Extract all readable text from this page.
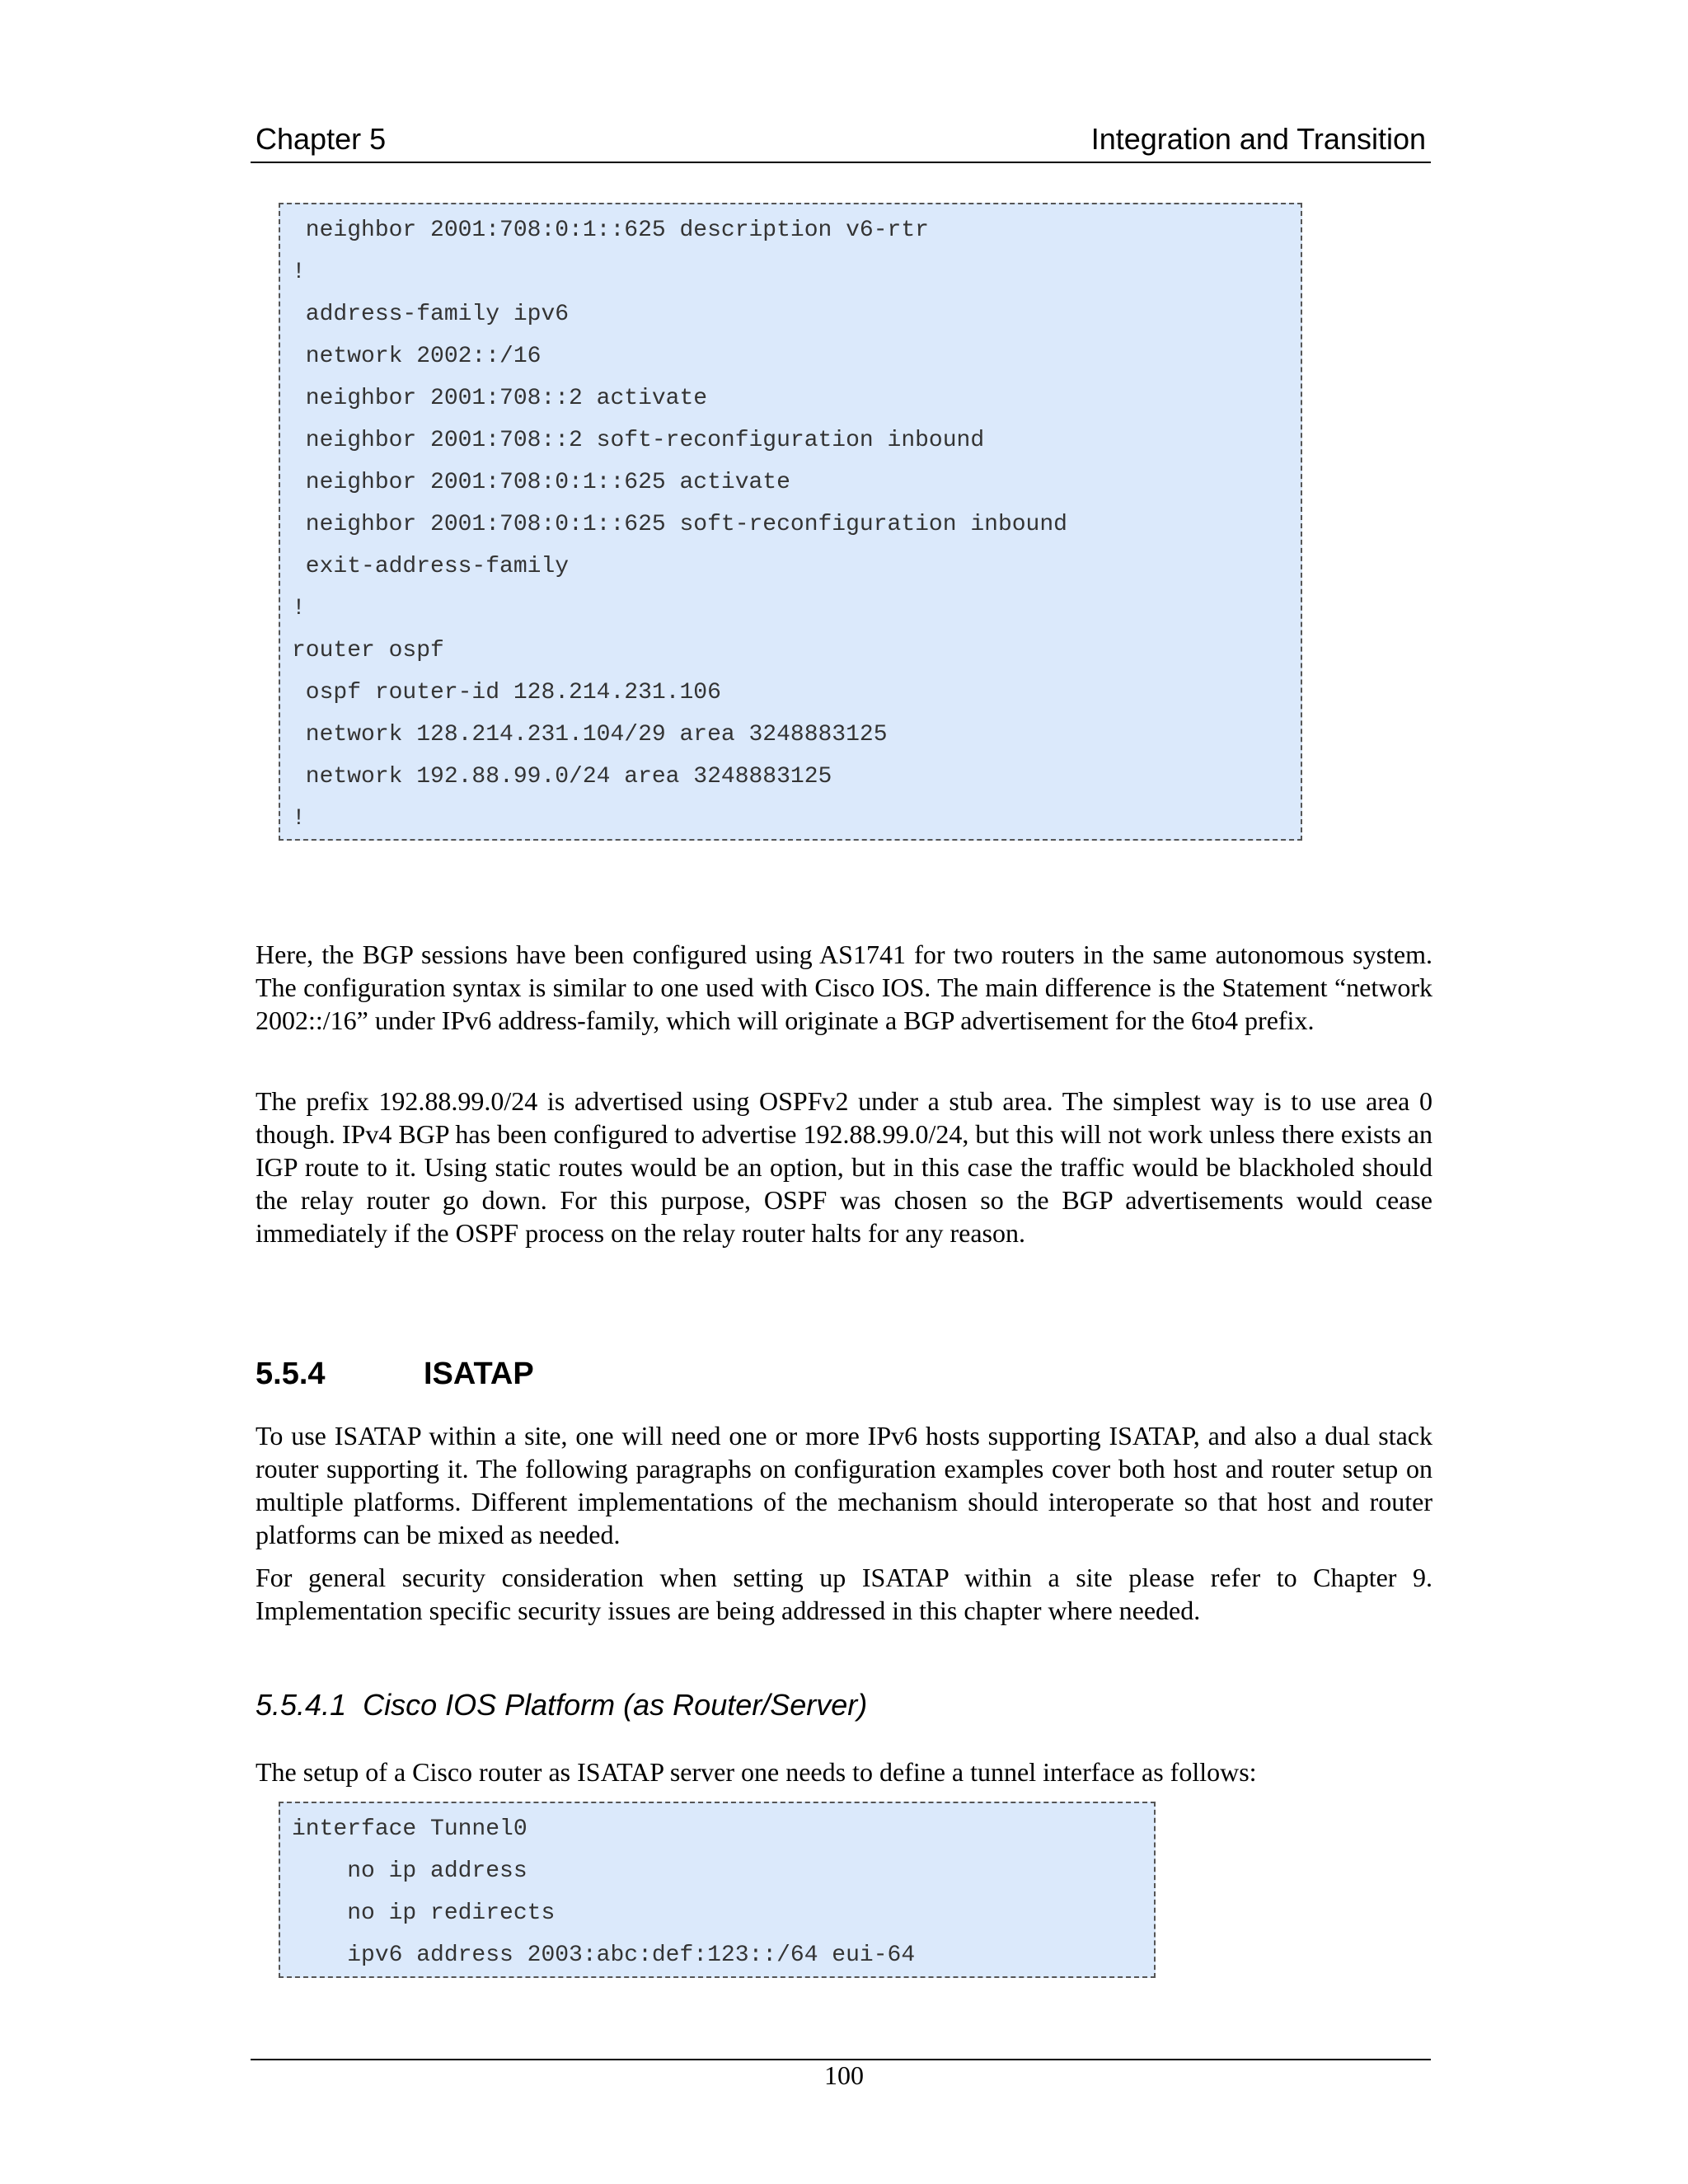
Chapter 5	Integration and Transition
neighbor 2001:708:0:1::625 description v6-rtr
!
address-family ipv6
network 2002::/16
neighbor 2001:708::2 activate
neighbor 2001:708::2 soft-reconfiguration inbound
neighbor 2001:708:0:1::625 activate
neighbor 2001:708:0:1::625 soft-reconfiguration inbound
exit-address-family
!
router ospf
ospf router-id 128.214.231.106
network 128.214.231.104/29 area 3248883125
network 192.88.99.0/24 area 3248883125
!

Here, the BGP sessions have been configured using AS1741 for two routers in the same autonomous system. The configuration syntax is similar to one used with Cisco IOS. The main difference is the Statement “network 2002::/16” under IPv6 address-family, which will originate a BGP advertisement for the 6to4 prefix.

The prefix 192.88.99.0/24 is advertised using OSPFv2 under a stub area. The simplest way is to use area 0 though. IPv4 BGP has been configured to advertise 192.88.99.0/24, but this will not work unless there exists an IGP route to it. Using static routes would be an option, but in this case the traffic would be blackholed should the relay router go down. For this purpose, OSPF was chosen so the BGP advertisements would cease immediately if the OSPF process on the relay router halts for any reason.

5.5.4	ISATAP

To use ISATAP within a site, one will need one or more IPv6 hosts supporting ISATAP, and also a dual stack router supporting it. The following paragraphs on configuration examples cover both host and router setup on multiple platforms. Different implementations of the mechanism should interoperate so that host and router platforms can be mixed as needed.

For general security consideration when setting up ISATAP within a site please refer to Chapter 9. Implementation specific security issues are being addressed in this chapter where needed.

5.5.4.1  Cisco IOS Platform (as Router/Server)

The setup of a Cisco router as ISATAP server one needs to define a tunnel interface as follows:

interface Tunnel0
no ip address
no ip redirects
ipv6 address 2003:abc:def:123::/64 eui-64
100
